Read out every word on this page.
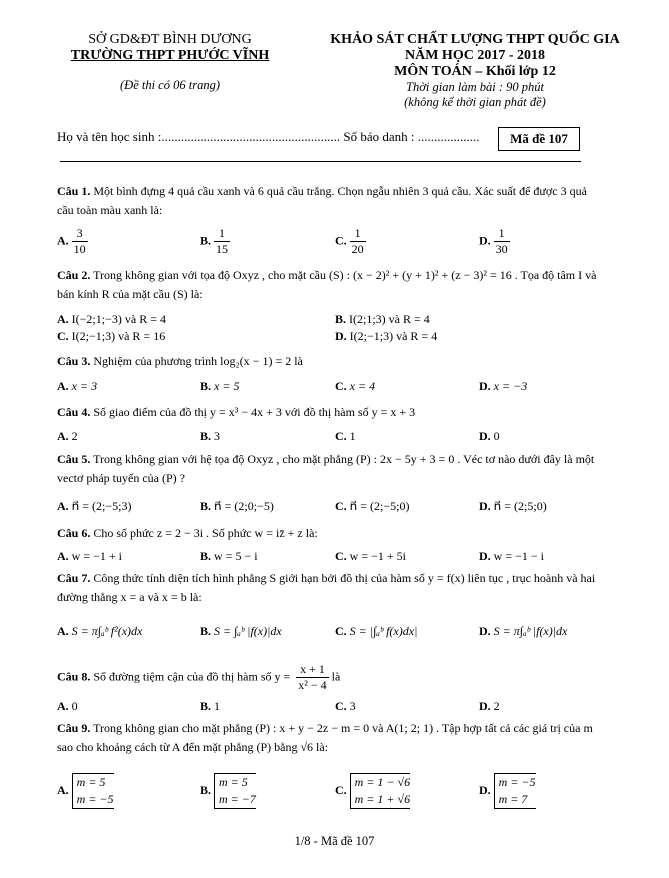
SỞ GD&ĐT BÌNH DƯƠNG
TRƯỜNG THPT PHƯỚC VĨNH
(Đề thi có 06 trang)
KHẢO SÁT CHẤT LƯỢNG THPT QUỐC GIA
NĂM HỌC 2017 - 2018
MÔN TOÁN – Khối lớp 12
Thời gian làm bài : 90 phút
(không kể thời gian phát đề)
Họ và tên học sinh :....................................................... Số báo danh : ...................	Mã đề 107
Câu 1. Một bình đựng 4 quả cầu xanh và 6 quả cầu trắng. Chọn ngẫu nhiên 3 quả cầu. Xác suất để được 3 quả cầu toàn màu xanh là:
A. $\frac{3}{10}$	B. $\frac{1}{15}$	C. $\frac{1}{20}$	D. $\frac{1}{30}$
Câu 2. Trong không gian với tọa độ Oxyz , cho mặt cầu (S) : (x − 2)² + (y + 1)² + (z − 3)² = 16 . Tọa độ tâm I và bán kính R của mặt cầu (S) là:
A. I(−2;1;−3) và R = 4	B. I(2;1;3) và R = 4
C. I(2;−1;3) và R = 16	D. I(2;−1;3) và R = 4
Câu 3. Nghiệm của phương trình log₂(x − 1) = 2 là
A. x = 3	B. x = 5	C. x = 4	D. x = −3
Câu 4. Số giao điểm của đồ thị y = x³ − 4x + 3 với đồ thị hàm số y = x + 3
A. 2	B. 3	C. 1	D. 0
Câu 5. Trong không gian với hệ tọa độ Oxyz , cho mặt phẳng (P) : 2x − 5y + 3 = 0 . Véc tơ nào dưới đây là một vectơ pháp tuyến của (P) ?
A. n⃗ = (2;−5;3)	B. n⃗ = (2;0;−5)	C. n⃗ = (2;−5;0)	D. n⃗ = (2;5;0)
Câu 6. Cho số phức z = 2 − 3i . Số phức w = iz̄ + z là:
A. w = −1 + i	B. w = 5 − i	C. w = −1 + 5i	D. w = −1 − i
Câu 7. Công thức tính diện tích hình phẳng S giới hạn bởi đồ thị của hàm số y = f(x) liên tục , trục hoành và hai đường thẳng x = a và x = b là:
A. S = π∫ₐᵇ f²(x)dx	B. S = ∫ₐᵇ |f(x)|dx	C. S = |∫ₐᵇ f(x)dx|	D. S = π∫ₐᵇ |f(x)|dx
Câu 8. Số đường tiệm cận của đồ thị hàm số $y = \frac{x + 1}{\text{x² − 4}}$ là
A. 0	B. 1	C. 3	D. 2
Câu 9. Trong không gian cho mặt phẳng (P) : x + y − 2z − m = 0 và A(1; 2; 1) . Tập hợp tất cả các giá trị của m sao cho khoảng cách từ A đến mặt phẳng (P) bằng √6 là:
A.
m = 5
m = −5
B.
m = 5
m = −7
C.
m = 1 − √6
m = 1 + √6
D.
m = −5
m = 7
1/8 - Mã đề 107
